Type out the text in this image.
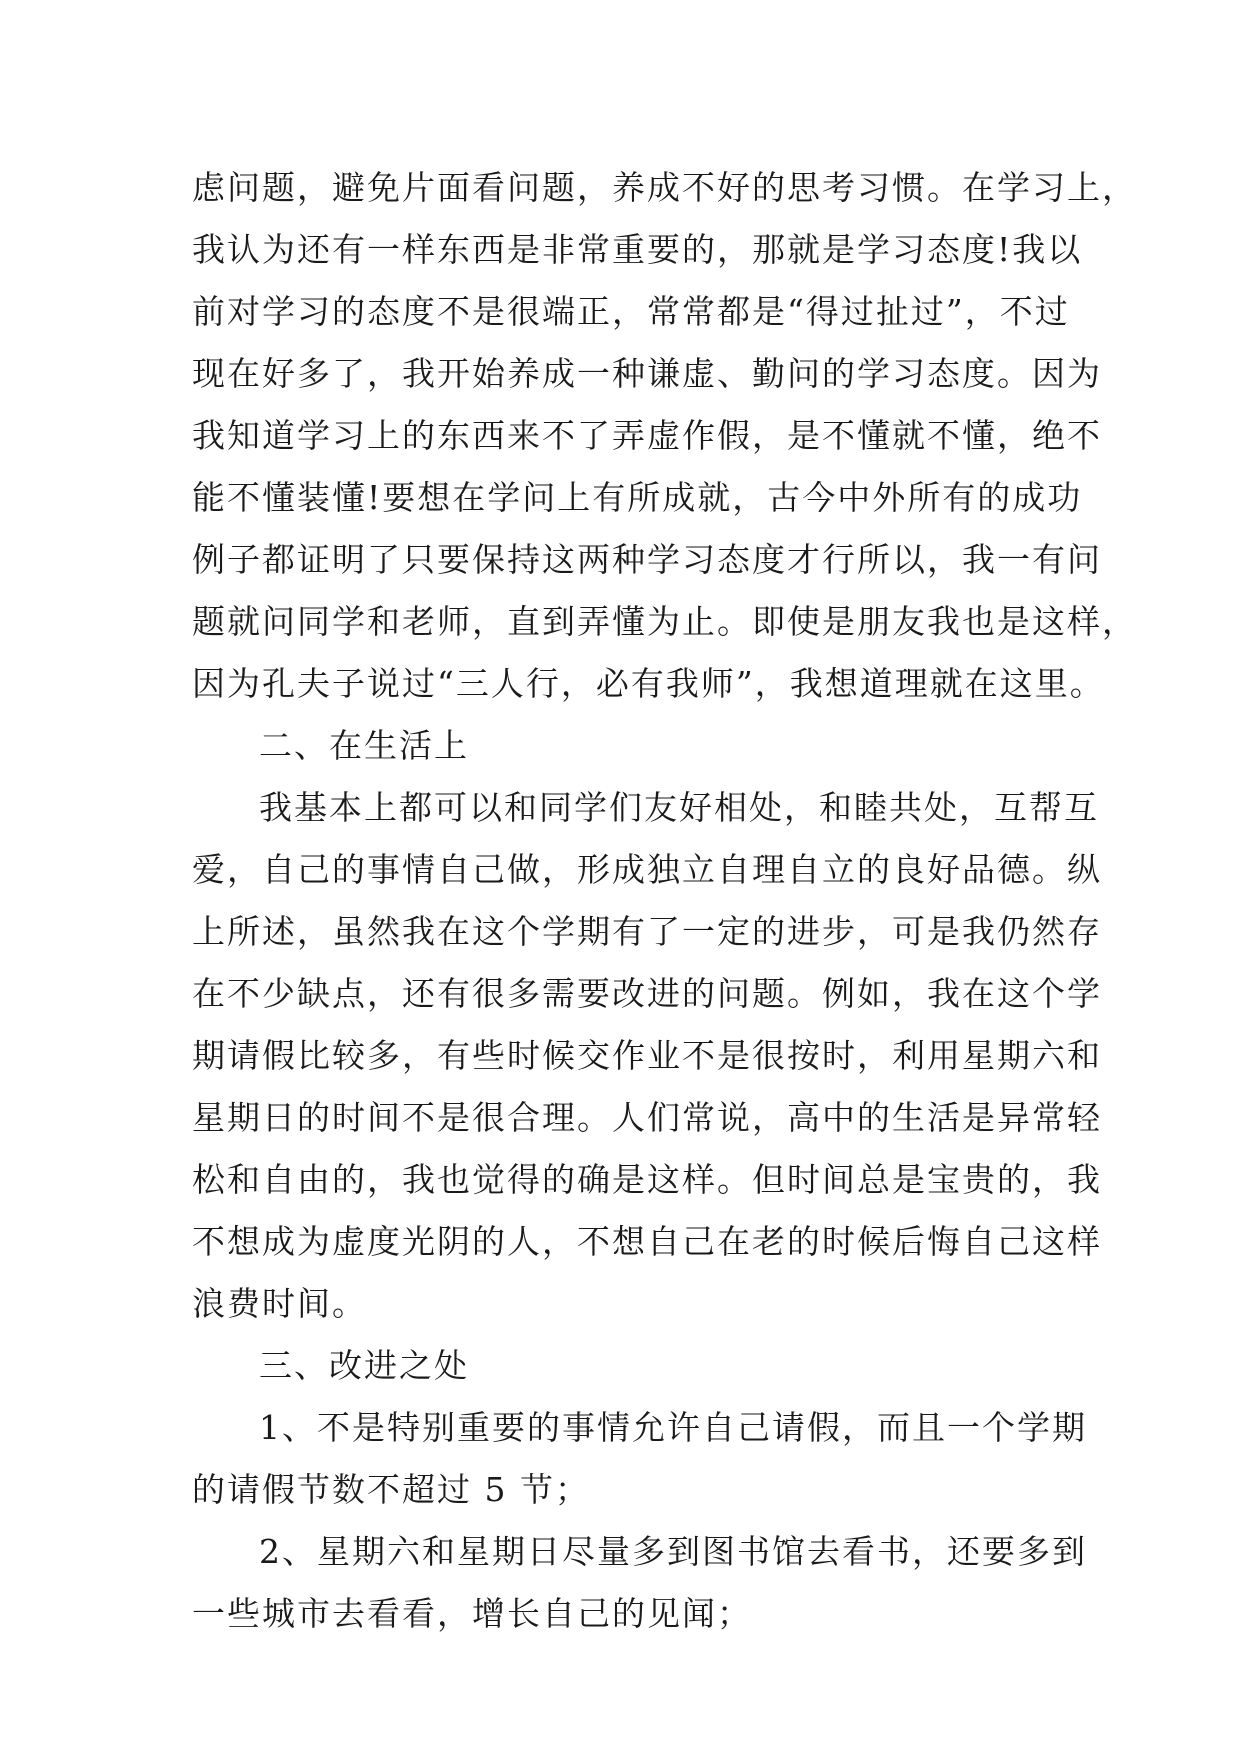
虑问题，避免片面看问题，养成不好的思考习惯。在学习上，
我认为还有一样东西是非常重要的，那就是学习态度!我以
前对学习的态度不是很端正，常常都是“得过扯过”，不过
现在好多了，我开始养成一种谦虚、勤问的学习态度。因为
我知道学习上的东西来不了弄虚作假，是不懂就不懂，绝不
能不懂装懂!要想在学问上有所成就，古今中外所有的成功
例子都证明了只要保持这两种学习态度才行所以，我一有问
题就问同学和老师，直到弄懂为止。即使是朋友我也是这样，
因为孔夫子说过“三人行，必有我师”，我想道理就在这里。
二、在生活上
我基本上都可以和同学们友好相处，和睦共处，互帮互
爱，自己的事情自己做，形成独立自理自立的良好品德。纵
上所述，虽然我在这个学期有了一定的进步，可是我仍然存
在不少缺点，还有很多需要改进的问题。例如，我在这个学
期请假比较多，有些时候交作业不是很按时，利用星期六和
星期日的时间不是很合理。人们常说，高中的生活是异常轻
松和自由的，我也觉得的确是这样。但时间总是宝贵的，我
不想成为虚度光阴的人，不想自己在老的时候后悔自己这样
浪费时间。
三、改进之处
1、不是特别重要的事情允许自己请假，而且一个学期
的请假节数不超过 5 节；
2、星期六和星期日尽量多到图书馆去看书，还要多到
一些城市去看看，增长自己的见闻；
